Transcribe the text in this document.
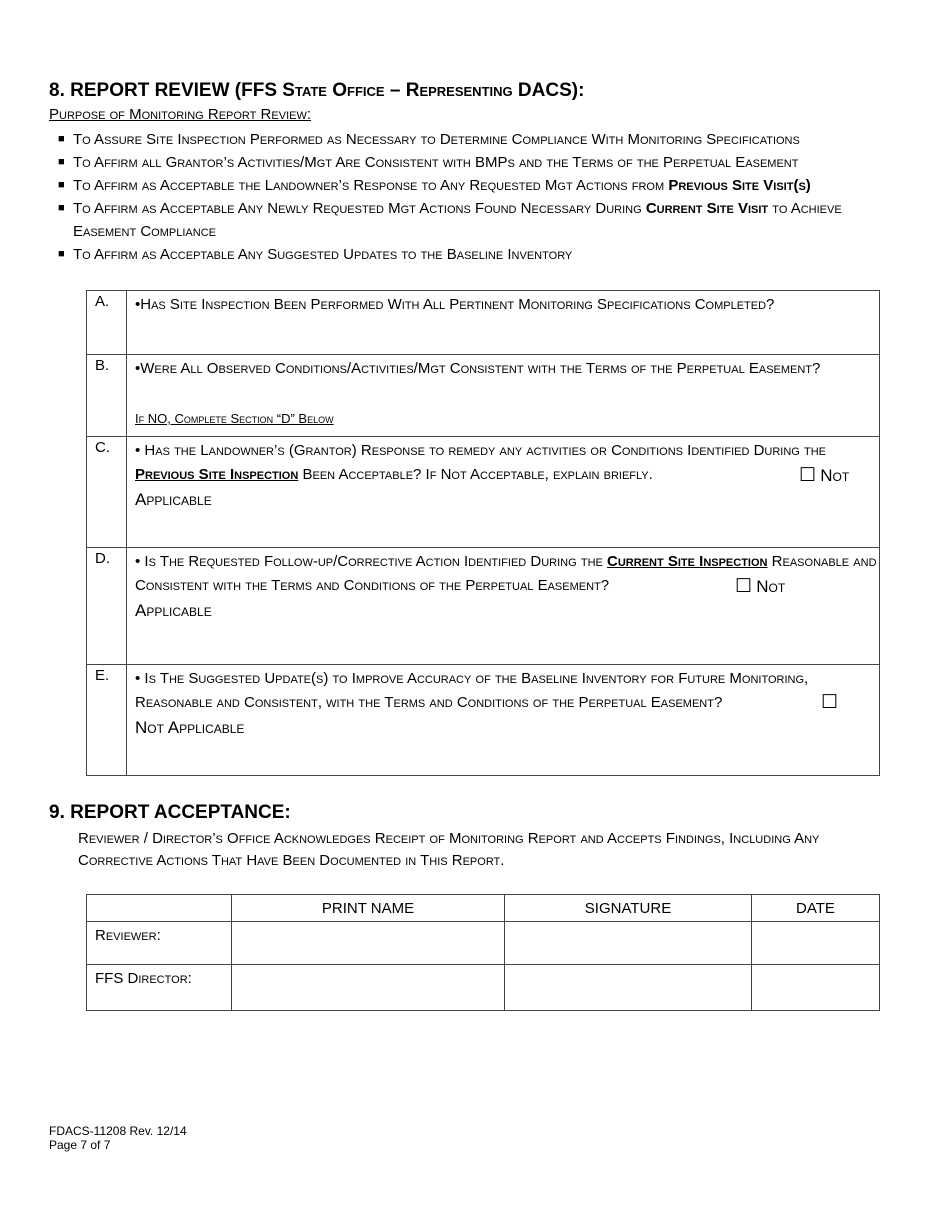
8. REPORT REVIEW (FFS State Office – Representing DACS):
Purpose of Monitoring Report Review:
■ To Assure Site Inspection Performed as Necessary to Determine Compliance With Monitoring Specifications
■ To Affirm all Grantor’s Activities/Mgt Are Consistent with BMPs and the Terms of the Perpetual Easement
■ To Affirm as Acceptable the Landowner’s Response to Any Requested Mgt Actions from Previous Site Visit(s)
■ To Affirm as Acceptable Any Newly Requested Mgt Actions Found Necessary During Current Site Visit to Achieve Easement Compliance
■ To Affirm as Acceptable Any Suggested Updates to the Baseline Inventory
A.	•Has Site Inspection Been Performed With All Pertinent Monitoring Specifications Completed?
B.	•Were All Observed Conditions/Activities/Mgt Consistent with the Terms of the Perpetual Easement?
If NO, Complete Section “D” Below

C.	• Has the Landowner’s (Grantor) Response to remedy any activities or Conditions Identified During the
Previous Site Inspection Been Acceptable? If Not Acceptable, explain briefly. ☐ Not
Applicable

D.	• Is The Requested Follow-up/Corrective Action Identified During the Current Site Inspection Reasonable and
Consistent with the Terms and Conditions of the Perpetual Easement? ☐ Not
Applicable

E.	• Is The Suggested Update(s) to Improve Accuracy of the Baseline Inventory for Future Monitoring,
Reasonable and Consistent, with the Terms and Conditions of the Perpetual Easement? ☐
Not Applicable
9. REPORT ACCEPTANCE:
Reviewer / Director’s Office Acknowledges Receipt of Monitoring Report and Accepts Findings, Including Any Corrective Actions That Have Been Documented in This Report.
	PRINT NAME	SIGNATURE	DATE
Reviewer:			
FFS Director:			
FDACS-11208 Rev. 12/14
Page 7 of 7
